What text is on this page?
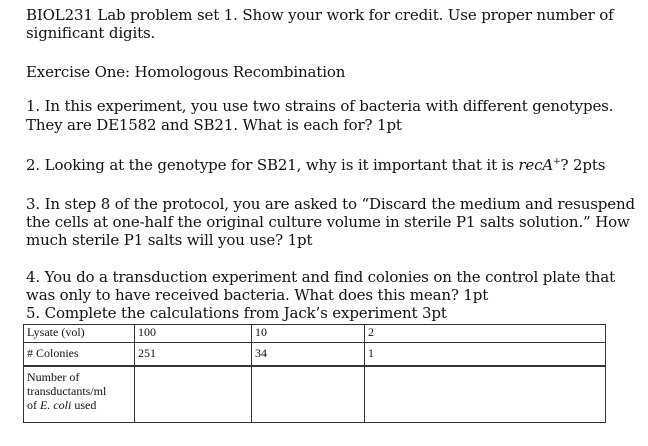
BIOL231 Lab problem set 1. Show your work for credit. Use proper number of
significant digits.
Exercise One: Homologous Recombination
1. In this experiment, you use two strains of bacteria with different genotypes.
They are DE1582 and SB21. What is each for? 1pt
2. Looking at the genotype for SB21, why is it important that it is recA+? 2pts
3. In step 8 of the protocol, you are asked to “Discard the medium and resuspend
the cells at one-half the original culture volume in sterile P1 salts solution.” How
much sterile P1 salts will you use? 1pt
4. You do a transduction experiment and find colonies on the control plate that
was only to have received bacteria. What does this mean? 1pt
5. Complete the calculations from Jack’s experiment 3pt
Lysate (vol)	100	10	2
# Colonies	251	34	1

Number of
transductants/ml
of E. coli used			
